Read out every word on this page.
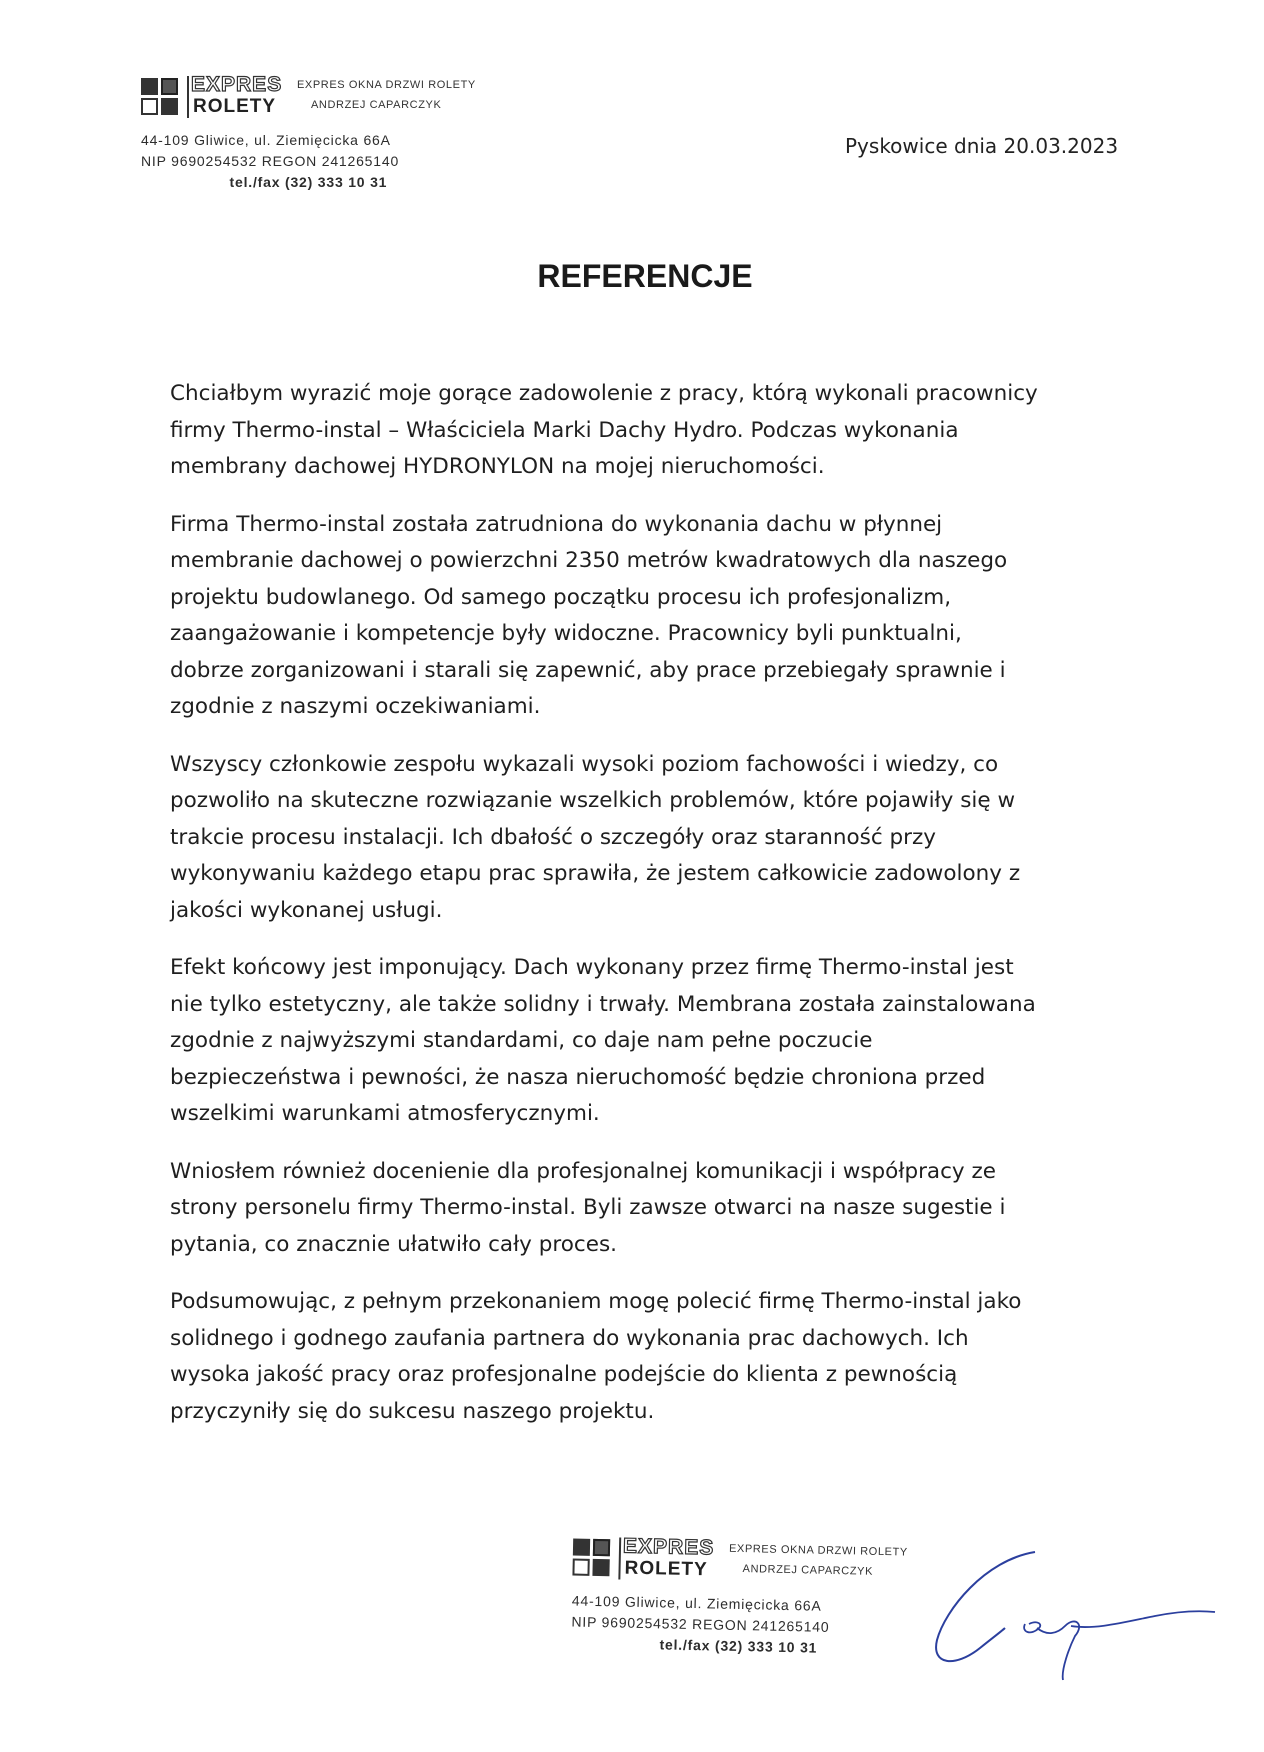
EXPRES
ROLETY
EXPRES OKNA DRZWI ROLETY
ANDRZEJ CAPARCZYK
44-109 Gliwice, ul. Ziemięcicka 66A
NIP 9690254532 REGON 241265140
tel./fax (32) 333 10 31
Pyskowice dnia 20.03.2023
REFERENCJE

Chciałbym wyrazić moje gorące zadowolenie z pracy, którą wykonali pracownicy
firmy Thermo-instal – Właściciela Marki Dachy Hydro. Podczas wykonania
membrany dachowej HYDRONYLON na mojej nieruchomości.

Firma Thermo-instal została zatrudniona do wykonania dachu w płynnej
membranie dachowej o powierzchni 2350 metrów kwadratowych dla naszego
projektu budowlanego. Od samego początku procesu ich profesjonalizm,
zaangażowanie i kompetencje były widoczne. Pracownicy byli punktualni,
dobrze zorganizowani i starali się zapewnić, aby prace przebiegały sprawnie i
zgodnie z naszymi oczekiwaniami.

Wszyscy członkowie zespołu wykazali wysoki poziom fachowości i wiedzy, co
pozwoliło na skuteczne rozwiązanie wszelkich problemów, które pojawiły się w
trakcie procesu instalacji. Ich dbałość o szczegóły oraz staranność przy
wykonywaniu każdego etapu prac sprawiła, że jestem całkowicie zadowolony z
jakości wykonanej usługi.

Efekt końcowy jest imponujący. Dach wykonany przez firmę Thermo-instal jest
nie tylko estetyczny, ale także solidny i trwały. Membrana została zainstalowana
zgodnie z najwyższymi standardami, co daje nam pełne poczucie
bezpieczeństwa i pewności, że nasza nieruchomość będzie chroniona przed
wszelkimi warunkami atmosferycznymi.

Wniosłem również docenienie dla profesjonalnej komunikacji i współpracy ze
strony personelu firmy Thermo-instal. Byli zawsze otwarci na nasze sugestie i
pytania, co znacznie ułatwiło cały proces.

Podsumowując, z pełnym przekonaniem mogę polecić firmę Thermo-instal jako
solidnego i godnego zaufania partnera do wykonania prac dachowych. Ich
wysoka jakość pracy oraz profesjonalne podejście do klienta z pewnością
przyczyniły się do sukcesu naszego projektu.

EXPRES
ROLETY
EXPRES OKNA DRZWI ROLETY
ANDRZEJ CAPARCZYK
44-109 Gliwice, ul. Ziemięcicka 66A
NIP 9690254532 REGON 241265140
tel./fax (32) 333 10 31
